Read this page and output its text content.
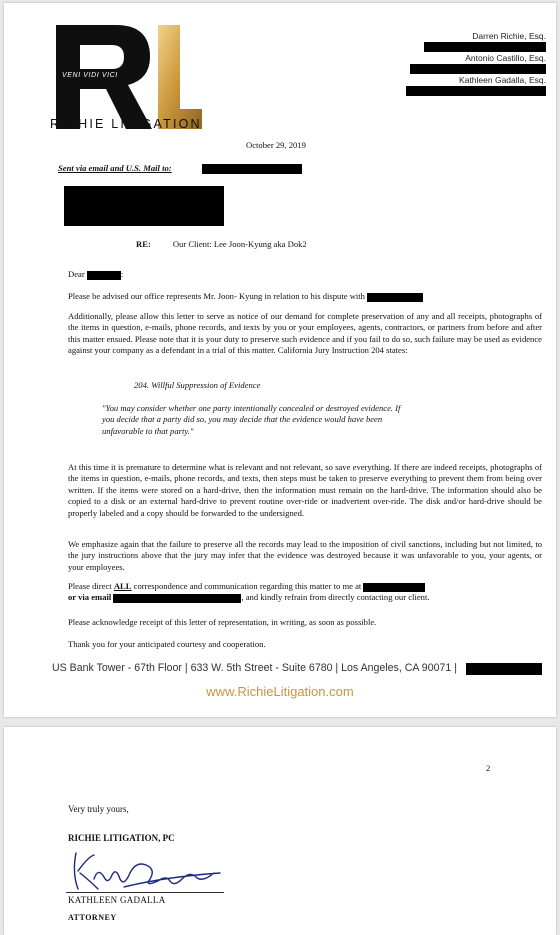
VENI VIDI VICI
RICHIE LITIGATION
Darren Richie, Esq.
Antonio Castillo, Esq.
Kathleen Gadalla, Esq.
October 29, 2019
Sent via email and U.S. Mail to:
RE:	Our Client: Lee Joon-Kyung aka Dok2
Dear	:
Please be advised our office represents Mr. Joon- Kyung in relation to his dispute with
Additionally, please allow this letter to serve as notice of our demand for complete preservation of any and all receipts, photographs of the items in question, e-mails, phone records, and texts by you or your employees, agents, contractors, or partners from before and after this matter ensued. Please note that it is your duty to preserve such evidence and if you fail to do so, such failure may be used as evidence against your company as a defendant in a trial of this matter. California Jury Instruction 204 states:
204. Willful Suppression of Evidence
"You may consider whether one party intentionally concealed or destroyed evidence. If you decide that a party did so, you may decide that the evidence would have been unfavorable to that party."
At this time it is premature to determine what is relevant and not relevant, so save everything. If there are indeed receipts, photographs of the items in question, e-mails, phone records, and texts, then steps must be taken to preserve everything to prevent them from being over written. If the items were stored on a hard-drive, then the information must remain on the hard-drive. The information should also be copied to a disk or an external hard-drive to prevent routine over-ride or inadvertent over-ride. The disk and/or hard-drive should be properly labeled and a copy should be forwarded to the undersigned.
We emphasize again that the failure to preserve all the records may lead to the imposition of civil sanctions, including but not limited, to the jury instructions above that the jury may infer that the evidence was destroyed because it was unfavorable to you, your agents, or your employees.
Please direct ALL correspondence and communication regarding this matter to me at
or via email	, and kindly refrain from directly contacting our client.
Please acknowledge receipt of this letter of representation, in writing, as soon as possible.
Thank you for your anticipated courtesy and cooperation.
US Bank Tower - 67th Floor | 633 W. 5th Street - Suite 6780 | Los Angeles, CA 90071 |
www.RichieLitigation.com
2
Very truly yours,
RICHIE LITIGATION, PC
KATHLEEN GADALLA
ATTORNEY
